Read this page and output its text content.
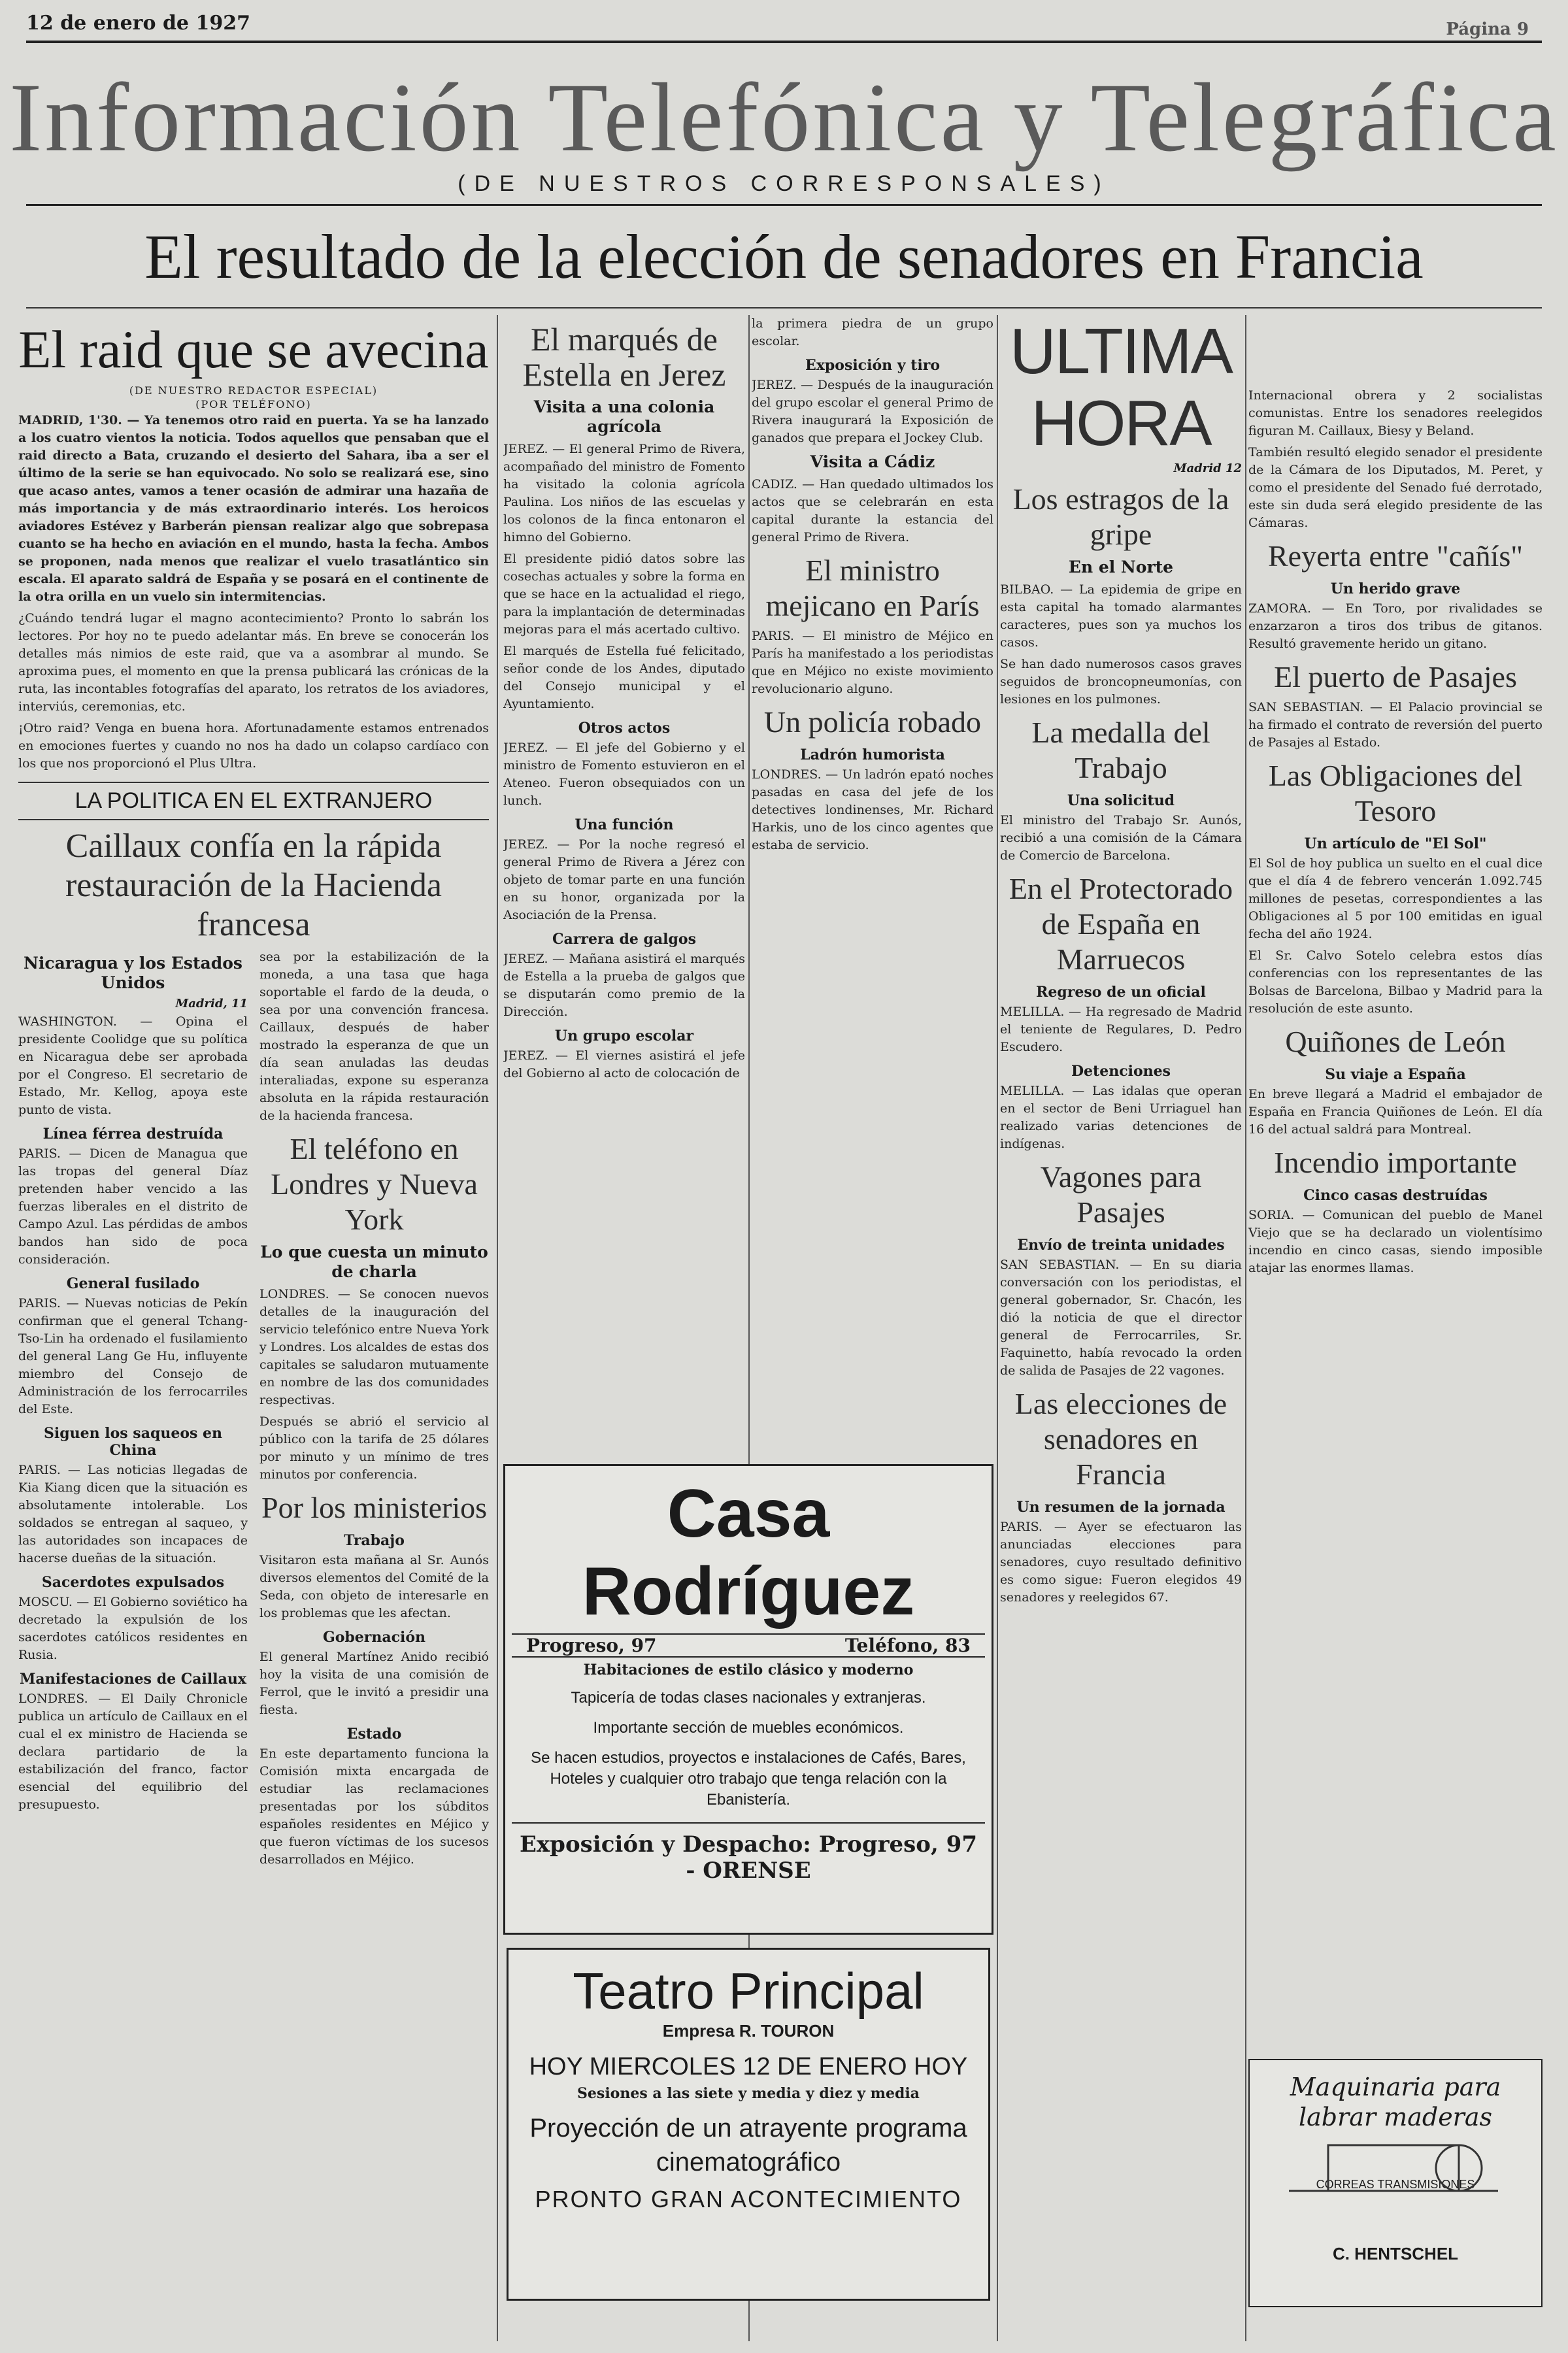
12 de enero de 1927	Página 9
Información Telefónica y Telegráfica
(DE NUESTROS CORRESPONSALES)
El resultado de la elección de senadores en Francia
El raid que se avecina
(DE NUESTRO REDACTOR ESPECIAL)
(POR TELÉFONO)

MADRID, 1'30. — Ya tenemos otro raid en puerta. Ya se ha lanzado a los cuatro vientos la noticia. Todos aquellos que pensaban que el raid directo a Bata, cruzando el desierto del Sahara, iba a ser el último de la serie se han equivocado. No solo se realizará ese, sino que acaso antes, vamos a tener ocasión de admirar una hazaña de más importancia y de más extraordinario interés. Los heroicos aviadores Estévez y Barberán piensan realizar algo que sobrepasa cuanto se ha hecho en aviación en el mundo, hasta la fecha. Ambos se proponen, nada menos que realizar el vuelo trasatlántico sin escala. El aparato saldrá de España y se posará en el continente de la otra orilla en un vuelo sin intermitencias.

¿Cuándo tendrá lugar el magno acontecimiento? Pronto lo sabrán los lectores. Por hoy no te puedo adelantar más. En breve se conocerán los detalles más nimios de este raid, que va a asombrar al mundo. Se aproxima pues, el momento en que la prensa publicará las crónicas de la ruta, las incontables fotografías del aparato, los retratos de los aviadores, interviús, ceremonias, etc.

¡Otro raid? Venga en buena hora. Afortunadamente estamos entrenados en emociones fuertes y cuando no nos ha dado un colapso cardíaco con los que nos proporcionó el Plus Ultra.

LA POLITICA EN EL EXTRANJERO
Caillaux confía en la rápida restauración de la Hacienda francesa
Nicaragua y los Estados Unidos
Madrid, 11

WASHINGTON. — Opina el presidente Coolidge que su política en Nicaragua debe ser aprobada por el Congreso. El secretario de Estado, Mr. Kellog, apoya este punto de vista.

Línea férrea destruída

PARIS. — Dicen de Managua que las tropas del general Díaz pretenden haber vencido a las fuerzas liberales en el distrito de Campo Azul. Las pérdidas de ambos bandos han sido de poca consideración.

General fusilado

PARIS. — Nuevas noticias de Pekín confirman que el general Tchang-Tso-Lin ha ordenado el fusilamiento del general Lang Ge Hu, influyente miembro del Consejo de Administración de los ferrocarriles del Este.

Siguen los saqueos en China

PARIS. — Las noticias llegadas de Kia Kiang dicen que la situación es absolutamente intolerable. Los soldados se entregan al saqueo, y las autoridades son incapaces de hacerse dueñas de la situación.

Sacerdotes expulsados

MOSCU. — El Gobierno soviético ha decretado la expulsión de los sacerdotes católicos residentes en Rusia.

Manifestaciones de Caillaux

LONDRES. — El Daily Chronicle publica un artículo de Caillaux en el cual el ex ministro de Hacienda se declara partidario de la estabilización del franco, factor esencial del equilibrio del presupuesto.

sea por la estabilización de la moneda, a una tasa que haga soportable el fardo de la deuda, o sea por una convención francesa. Caillaux, después de haber mostrado la esperanza de que un día sean anuladas las deudas interaliadas, expone su esperanza absoluta en la rápida restauración de la hacienda francesa.

El teléfono en Londres y Nueva York
Lo que cuesta un minuto de charla

LONDRES. — Se conocen nuevos detalles de la inauguración del servicio telefónico entre Nueva York y Londres. Los alcaldes de estas dos capitales se saludaron mutuamente en nombre de las dos comunidades respectivas.

Después se abrió el servicio al público con la tarifa de 25 dólares por minuto y un mínimo de tres minutos por conferencia.

Por los ministerios
Trabajo

Visitaron esta mañana al Sr. Aunós diversos elementos del Comité de la Seda, con objeto de interesarle en los problemas que les afectan.

Gobernación

El general Martínez Anido recibió hoy la visita de una comisión de Ferrol, que le invitó a presidir una fiesta.

Estado

En este departamento funciona la Comisión mixta encargada de estudiar las reclamaciones presentadas por los súbditos españoles residentes en Méjico y que fueron víctimas de los sucesos desarrollados en Méjico.

El marqués de Estella en Jerez
Visita a una colonia agrícola

JEREZ. — El general Primo de Rivera, acompañado del ministro de Fomento ha visitado la colonia agrícola Paulina. Los niños de las escuelas y los colonos de la finca entonaron el himno del Gobierno.

El presidente pidió datos sobre las cosechas actuales y sobre la forma en que se hace en la actualidad el riego, para la implantación de determinadas mejoras para el más acertado cultivo.

El marqués de Estella fué felicitado, señor conde de los Andes, diputado del Consejo municipal y el Ayuntamiento.

Otros actos

JEREZ. — El jefe del Gobierno y el ministro de Fomento estuvieron en el Ateneo. Fueron obsequiados con un lunch.

Una función

JEREZ. — Por la noche regresó el general Primo de Rivera a Jérez con objeto de tomar parte en una función en su honor, organizada por la Asociación de la Prensa.

Carrera de galgos

JEREZ. — Mañana asistirá el marqués de Estella a la prueba de galgos que se disputarán como premio de la Dirección.

Un grupo escolar

JEREZ. — El viernes asistirá el jefe del Gobierno al acto de colocación de

la primera piedra de un grupo escolar.

Exposición y tiro

JEREZ. — Después de la inauguración del grupo escolar el general Primo de Rivera inaugurará la Exposición de ganados que prepara el Jockey Club.

Visita a Cádiz

CADIZ. — Han quedado ultimados los actos que se celebrarán en esta capital durante la estancia del general Primo de Rivera.

El ministro mejicano en París

PARIS. — El ministro de Méjico en París ha manifestado a los periodistas que en Méjico no existe movimiento revolucionario alguno.

Un policía robado
Ladrón humorista

LONDRES. — Un ladrón epató noches pasadas en casa del jefe de los detectives londinenses, Mr. Richard Harkis, uno de los cinco agentes que estaba de servicio.

Casa Rodríguez
Progreso, 97	Teléfono, 83
Habitaciones de estilo clásico y moderno
Tapicería de todas clases nacionales y extranjeras.
Importante sección de muebles económicos.
Se hacen estudios, proyectos e instalaciones de Cafés, Bares, Hoteles y cualquier otro trabajo que tenga relación con la Ebanistería.
Exposición y Despacho: Progreso, 97 - ORENSE
Teatro Principal
Empresa R. TOURON
HOY MIERCOLES 12 DE ENERO HOY
Sesiones a las siete y media y diez y media
Proyección de un atrayente programa cinematográfico
PRONTO GRAN ACONTECIMIENTO
ULTIMA HORA
Madrid 12
Los estragos de la gripe
En el Norte

BILBAO. — La epidemia de gripe en esta capital ha tomado alarmantes caracteres, pues son ya muchos los casos.

Se han dado numerosos casos graves seguidos de broncopneumonías, con lesiones en los pulmones.

La medalla del Trabajo
Una solicitud

El ministro del Trabajo Sr. Aunós, recibió a una comisión de la Cámara de Comercio de Barcelona.

En el Protectorado de España en Marruecos
Regreso de un oficial

MELILLA. — Ha regresado de Madrid el teniente de Regulares, D. Pedro Escudero.

Detenciones

MELILLA. — Las idalas que operan en el sector de Beni Urriaguel han realizado varias detenciones de indígenas.

Vagones para Pasajes
Envío de treinta unidades

SAN SEBASTIAN. — En su diaria conversación con los periodistas, el general gobernador, Sr. Chacón, les dió la noticia de que el director general de Ferrocarriles, Sr. Faquinetto, había revocado la orden de salida de Pasajes de 22 vagones.

Las elecciones de senadores en Francia
Un resumen de la jornada

PARIS. — Ayer se efectuaron las anunciadas elecciones para senadores, cuyo resultado definitivo es como sigue: Fueron elegidos 49 senadores y reelegidos 67.

Internacional obrera y 2 socialistas comunistas. Entre los senadores reelegidos figuran M. Caillaux, Biesy y Beland.

También resultó elegido senador el presidente de la Cámara de los Diputados, M. Peret, y como el presidente del Senado fué derrotado, este sin duda será elegido presidente de las Cámaras.

Reyerta entre "cañís"
Un herido grave

ZAMORA. — En Toro, por rivalidades se enzarzaron a tiros dos tribus de gitanos. Resultó gravemente herido un gitano.

El puerto de Pasajes

SAN SEBASTIAN. — El Palacio provincial se ha firmado el contrato de reversión del puerto de Pasajes al Estado.

Las Obligaciones del Tesoro
Un artículo de "El Sol"

El Sol de hoy publica un suelto en el cual dice que el día 4 de febrero vencerán 1.092.745 millones de pesetas, correspondientes a las Obligaciones al 5 por 100 emitidas en igual fecha del año 1924.

El Sr. Calvo Sotelo celebra estos días conferencias con los representantes de las Bolsas de Barcelona, Bilbao y Madrid para la resolución de este asunto.

Quiñones de León
Su viaje a España

En breve llegará a Madrid el embajador de España en Francia Quiñones de León. El día 16 del actual saldrá para Montreal.

Incendio importante
Cinco casas destruídas

SORIA. — Comunican del pueblo de Manel Viejo que se ha declarado un violentísimo incendio en cinco casas, siendo imposible atajar las enormes llamas.

Maquinaria para labrar maderas
CORREAS TRANSMISIONES
C. HENTSCHEL
